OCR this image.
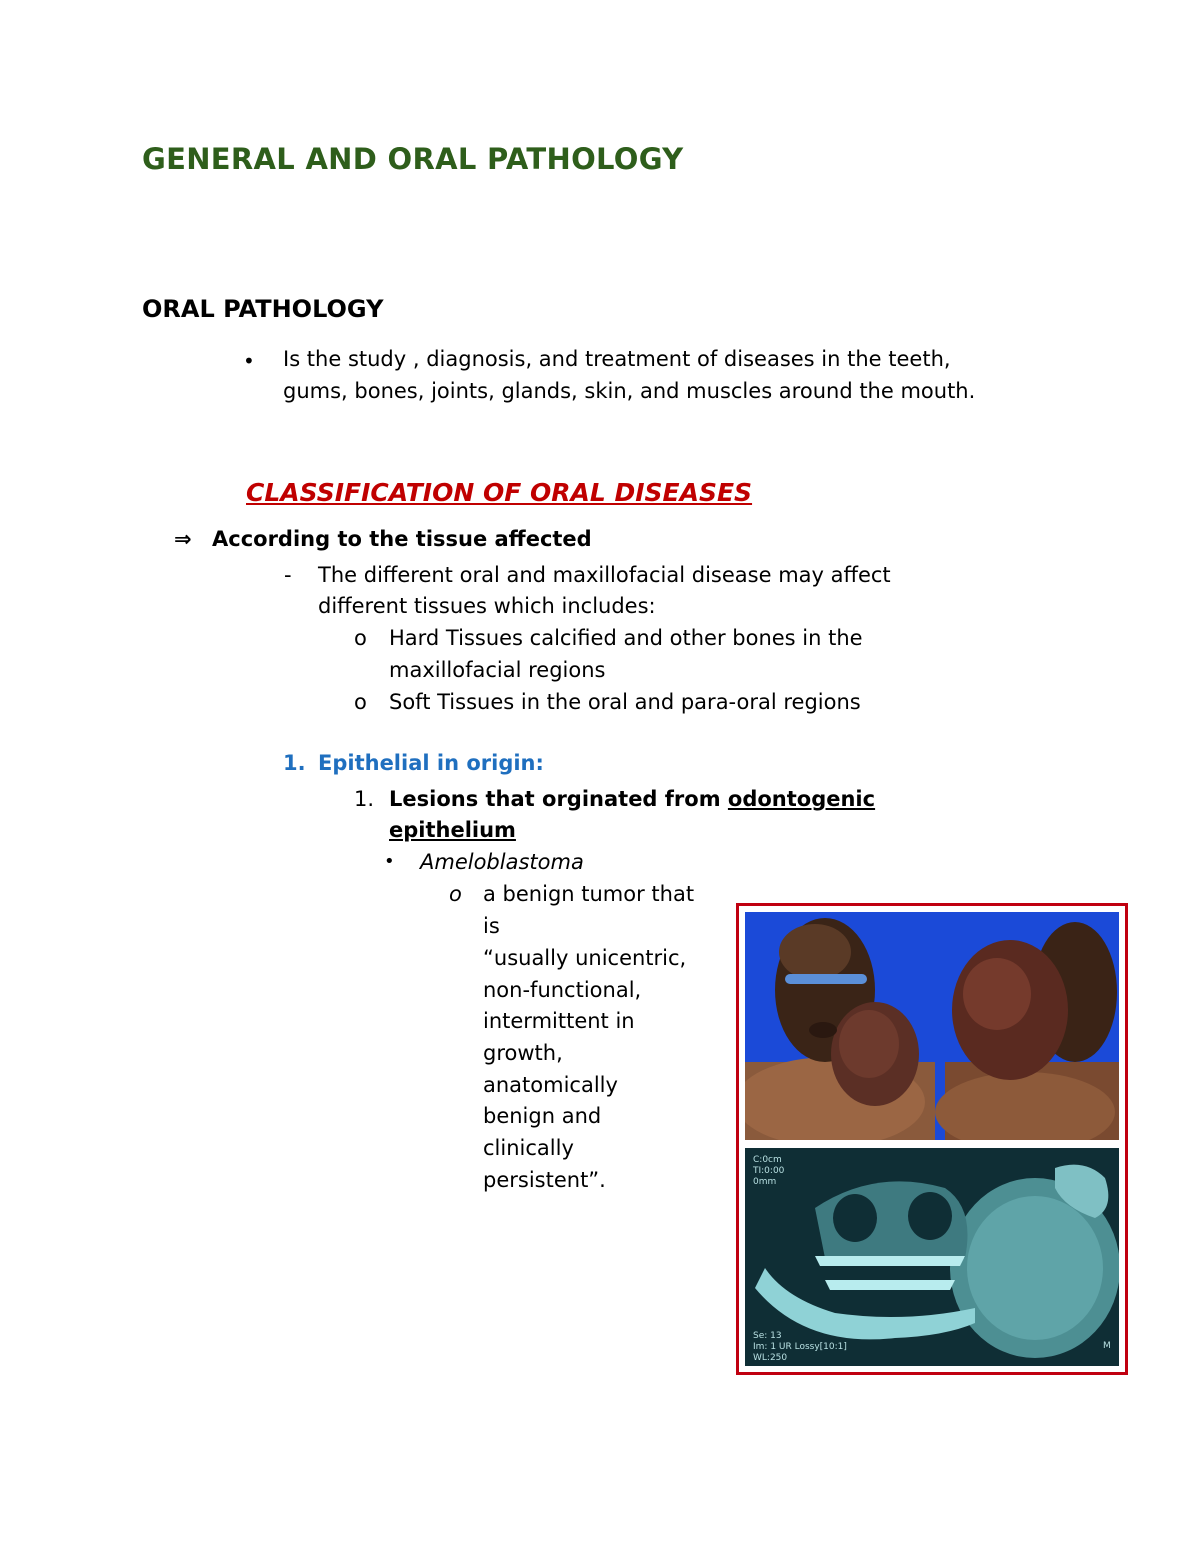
GENERAL AND ORAL PATHOLOGY
ORAL PATHOLOGY
• Is the study , diagnosis, and treatment of diseases in the teeth,
gums, bones, joints, glands, skin, and muscles around the mouth.
CLASSIFICATION OF ORAL DISEASES
⇒ According to the tissue affected
- The different oral and maxillofacial disease may affect
different tissues which includes:
o Hard Tissues calcified and other bones in the
maxillofacial regions
o Soft Tissues in the oral and para-oral regions
1. Epithelial in origin:
1. Lesions that orginated from odontogenic
epithelium
• Ameloblastoma
o a benign tumor that
is
“usually unicentric,
non-functional,
intermittent in
growth,
anatomically
benign and
clinically
persistent”.
C:0cm
TI:0:00
0mm
Se: 13
Im: 1 UR Lossy[10:1]
WL:250
M
